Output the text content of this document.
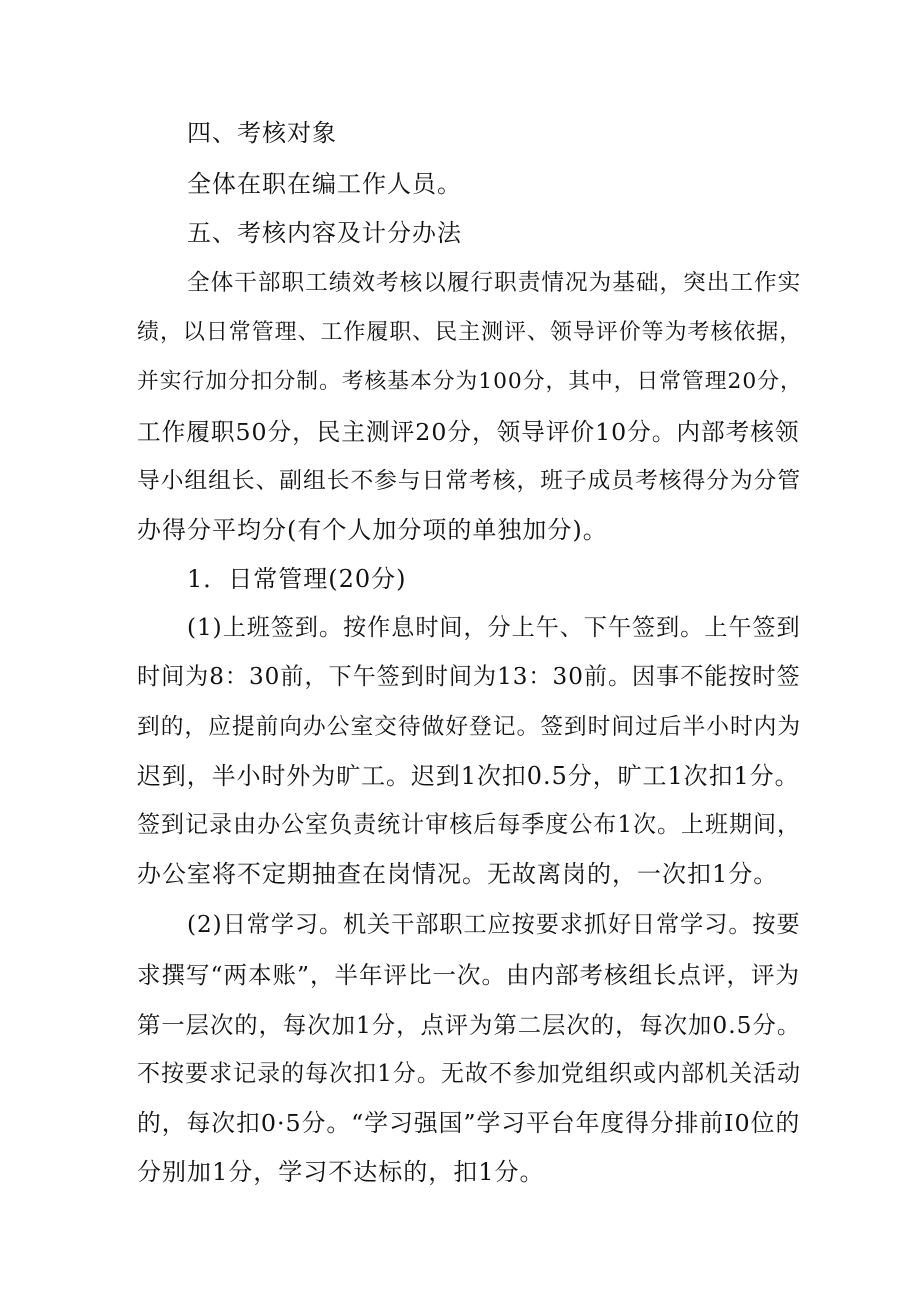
四、考核对象
全体在职在编工作人员。
五、考核内容及计分办法
全体干部职工绩效考核以履行职责情况为基础，突出工作实
绩，以日常管理、工作履职、民主测评、领导评价等为考核依据，
并实行加分扣分制。考核基本分为100分，其中，日常管理20分，
工作履职50分，民主测评20分，领导评价10分。内部考核领
导小组组长、副组长不参与日常考核，班子成员考核得分为分管
办得分平均分(有个人加分项的单独加分)。
1．日常管理(20分)
(1)上班签到。按作息时间，分上午、下午签到。上午签到
时间为8：30前，下午签到时间为13：30前。因事不能按时签
到的，应提前向办公室交待做好登记。签到时间过后半小时内为
迟到，半小时外为旷工。迟到1次扣0.5分，旷工1次扣1分。
签到记录由办公室负责统计审核后每季度公布1次。上班期间，
办公室将不定期抽查在岗情况。无故离岗的，一次扣1分。
(2)日常学习。机关干部职工应按要求抓好日常学习。按要
求撰写“两本账”，半年评比一次。由内部考核组长点评，评为
第一层次的，每次加1分，点评为第二层次的，每次加0.5分。
不按要求记录的每次扣1分。无故不参加党组织或内部机关活动
的，每次扣0·5分。“学习强国”学习平台年度得分排前I0位的
分别加1分，学习不达标的，扣1分。
